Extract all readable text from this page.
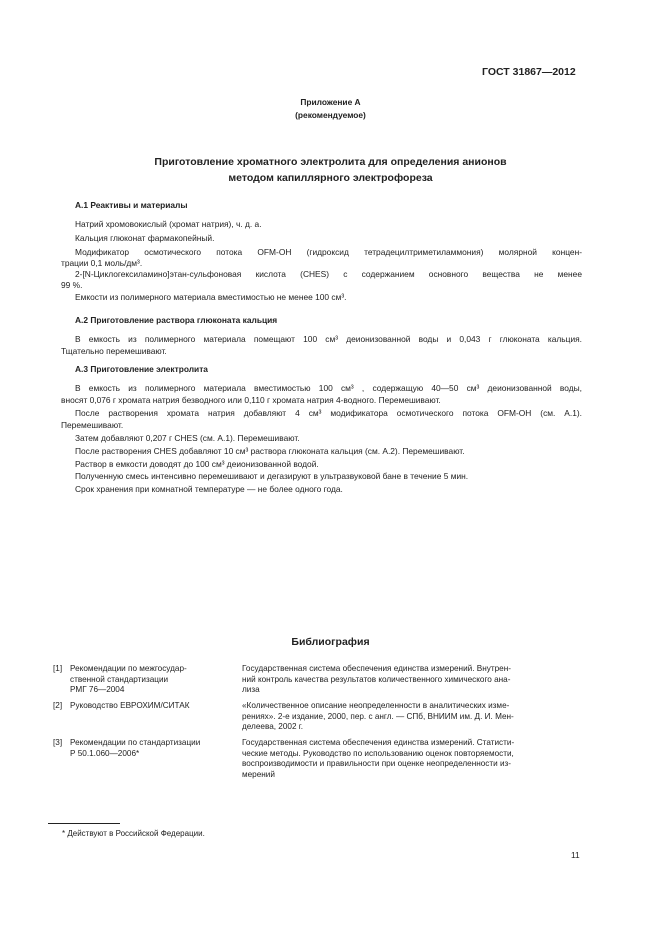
ГОСТ 31867—2012
Приложение А
(рекомендуемое)
Приготовление хроматного электролита для определения анионов
методом капиллярного электрофореза
А.1 Реактивы и материалы
Натрий хромовокислый (хромат натрия), ч. д. а.
Кальция глюконат фармакопейный.
Модификатор осмотического потока OFM-OH (гидроксид тетрадецилтриметиламмония) молярной концен-
трации 0,1 моль/дм³.
2-[N-Циклогексиламино]этан-сульфоновая кислота (CHES) с содержанием основного вещества не менее
99 %.
Емкости из полимерного материала вместимостью не менее 100 см³.
А.2 Приготовление раствора глюконата кальция
В емкость из полимерного материала помещают 100 см³ деионизованной воды и 0,043 г глюконата кальция.
Тщательно перемешивают.
А.3 Приготовление электролита
В емкость из полимерного материала вместимостью 100 см³ , содержащую 40—50 см³ деионизованной воды,
вносят 0,076 г хромата натрия безводного или 0,110 г хромата натрия 4-водного. Перемешивают.
После растворения хромата натрия добавляют 4 см³ модификатора осмотического потока OFM-OH (см. А.1).
Перемешивают.
Затем добавляют 0,207 г CHES (см. А.1). Перемешивают.
После растворения CHES добавляют 10 см³ раствора глюконата кальция (см. А.2). Перемешивают.
Раствор в емкости доводят до 100 см³ деионизованной водой.
Полученную смесь интенсивно перемешивают и дегазируют в ультразвуковой бане в течение 5 мин.
Срок хранения при комнатной температуре — не более одного года.
Библиография
[1] Рекомендации по межгосудар-
ственной стандартизации
РМГ 76—2004
Государственная система обеспечения единства измерений. Внутрен-
ний контроль качества результатов количественного химического ана-
лиза
[2] Руководство ЕВРОХИМ/СИТАК	«Количественное описание неопределенности в аналитических изме-
рениях». 2-е издание, 2000, пер. с англ. — СПб, ВНИИМ им. Д. И. Мен-
делеева, 2002 г.
[3] Рекомендации по стандартизации
Р 50.1.060—2006*
Государственная система обеспечения единства измерений. Статисти-
ческие методы. Руководство по использованию оценок повторяемости,
воспроизводимости и правильности при оценке неопределенности из-
мерений
* Действуют в Российской Федерации.
11
